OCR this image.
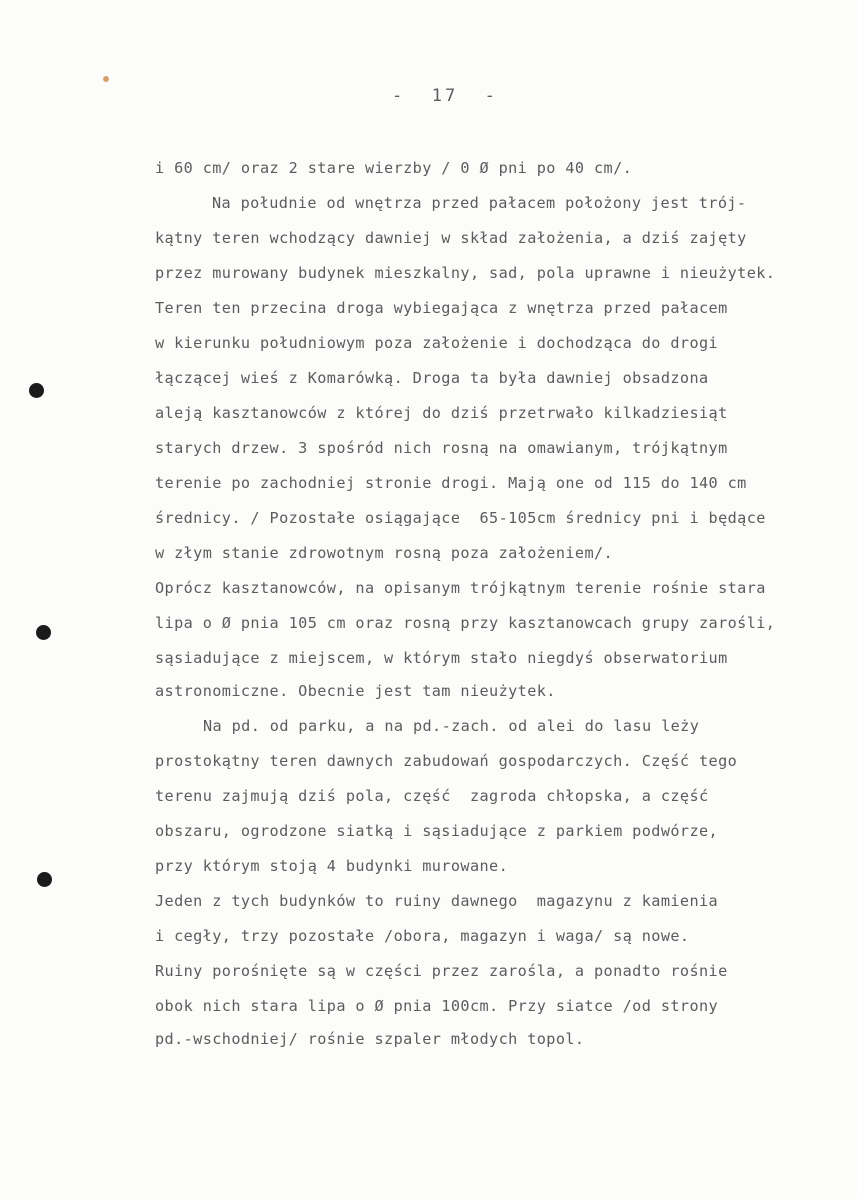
-  17  -
i 60 cm/ oraz 2 stare wierzby / 0 Ø pni po 40 cm/.
Na południe od wnętrza przed pałacem położony jest trój-
kątny teren wchodzący dawniej w skład założenia, a dziś zajęty
przez murowany budynek mieszkalny, sad, pola uprawne i nieużytek.
Teren ten przecina droga wybiegająca z wnętrza przed pałacem
w kierunku południowym poza założenie i dochodząca do drogi
łączącej wieś z Komarówką. Droga ta była dawniej obsadzona
aleją kasztanowców z której do dziś przetrwało kilkadziesiąt
starych drzew. 3 spośród nich rosną na omawianym, trójkątnym
terenie po zachodniej stronie drogi. Mają one od 115 do 140 cm
średnicy. / Pozostałe osiągające  65-105cm średnicy pni i będące
w złym stanie zdrowotnym rosną poza założeniem/.
Oprócz kasztanowców, na opisanym trójkątnym terenie rośnie stara
lipa o Ø pnia 105 cm oraz rosną przy kasztanowcach grupy zarośli,
sąsiadujące z miejscem, w którym stało niegdyś obserwatorium
astronomiczne. Obecnie jest tam nieużytek.
Na pd. od parku, a na pd.-zach. od alei do lasu leży
prostokątny teren dawnych zabudowań gospodarczych. Część tego
terenu zajmują dziś pola, część  zagroda chłopska, a część
obszaru, ogrodzone siatką i sąsiadujące z parkiem podwórze,
przy którym stoją 4 budynki murowane.
Jeden z tych budynków to ruiny dawnego  magazynu z kamienia
i cegły, trzy pozostałe /obora, magazyn i waga/ są nowe.
Ruiny porośnięte są w części przez zarośla, a ponadto rośnie
obok nich stara lipa o Ø pnia 100cm. Przy siatce /od strony
pd.-wschodniej/ rośnie szpaler młodych topol.
